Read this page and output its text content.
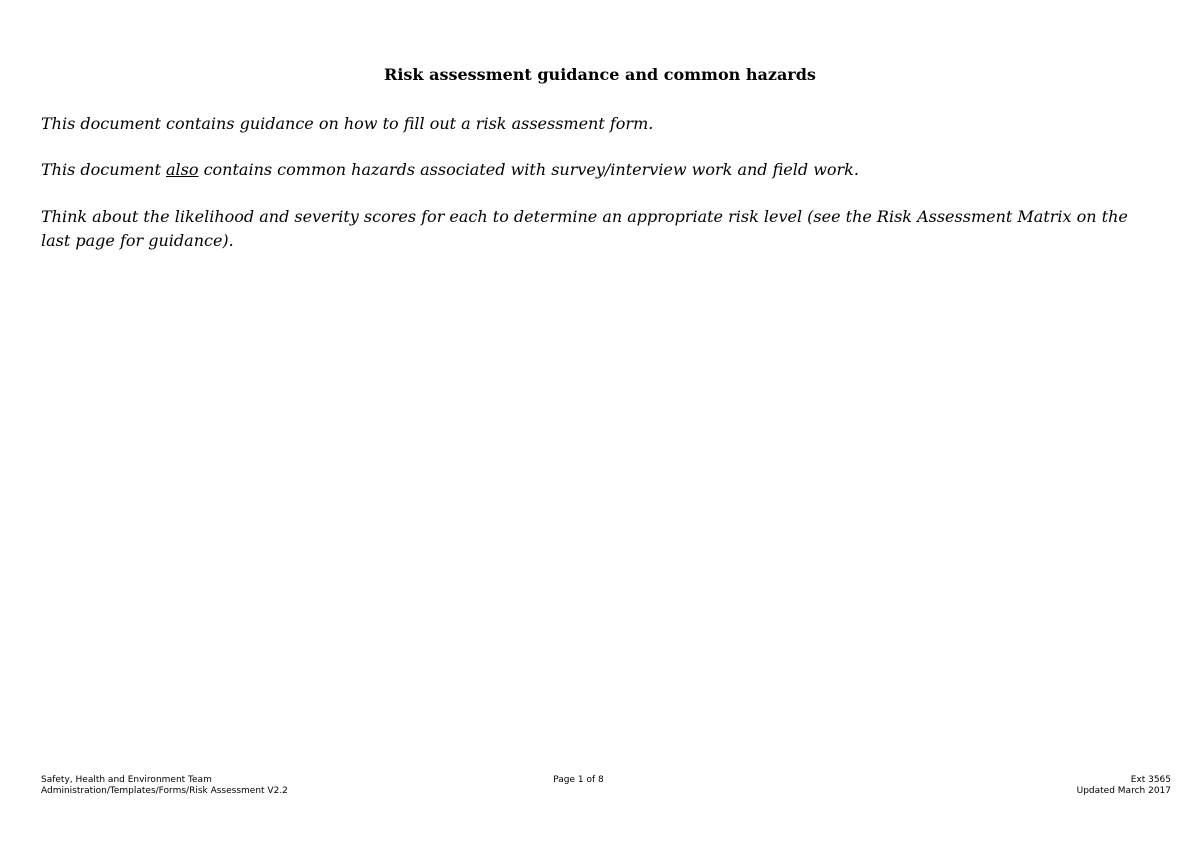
Risk assessment guidance and common hazards

This document contains guidance on how to fill out a risk assessment form.

This document also contains common hazards associated with survey/interview work and field work.

Think about the likelihood and severity scores for each to determine an appropriate risk level (see the Risk Assessment Matrix on the last page for guidance).

Safety, Health and Environment Team
Administration/Templates/Forms/Risk Assessment V2.2
Page 1 of 8	Ext 3565
Updated March 2017
